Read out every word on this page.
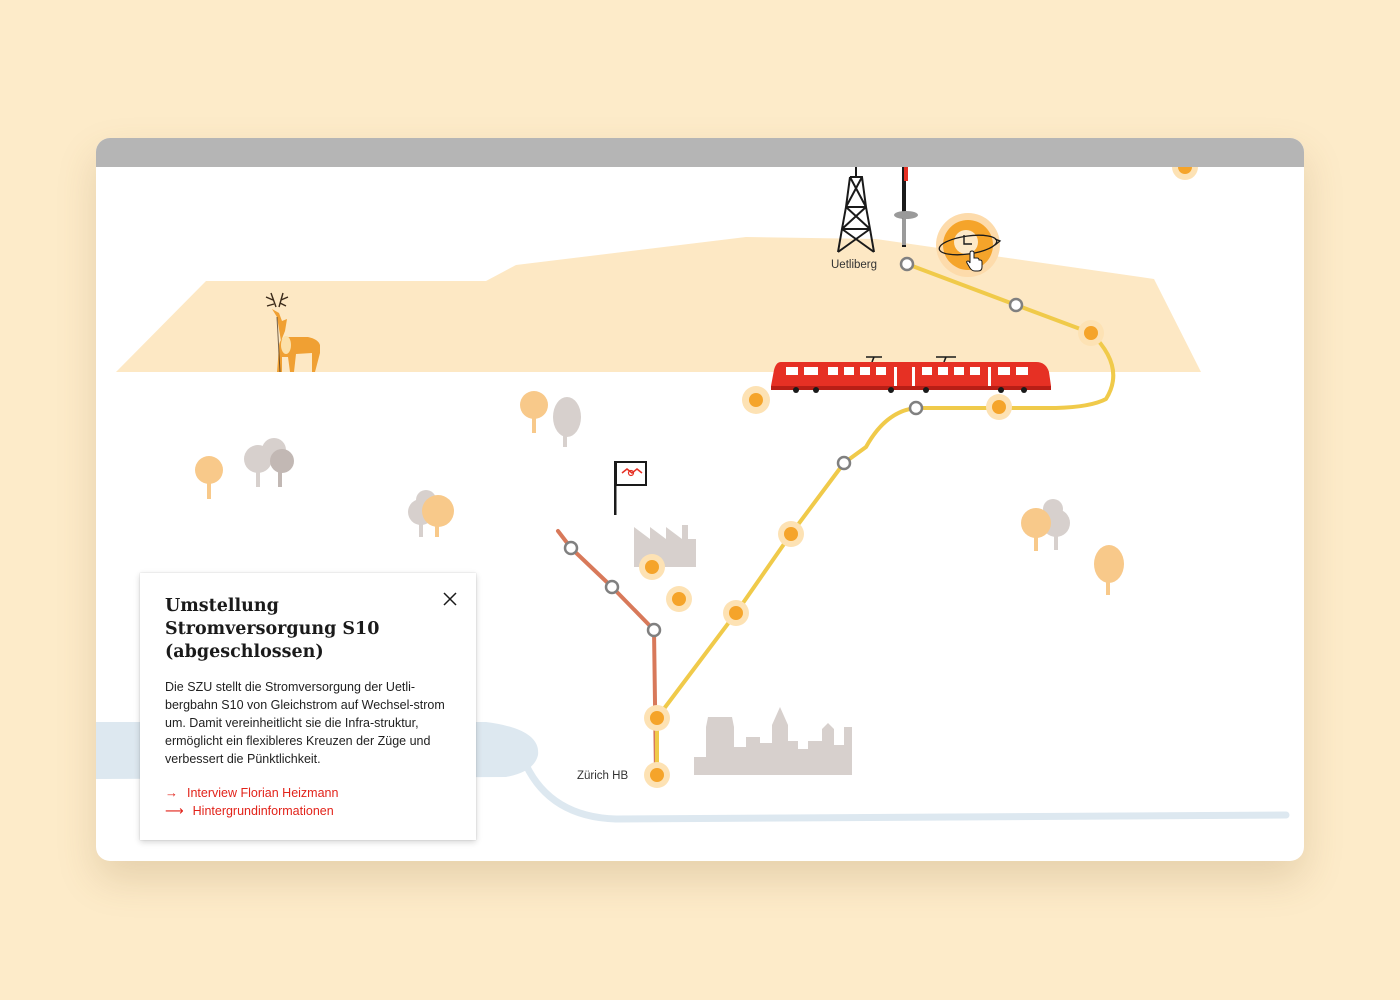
Uetliberg
Zürich HB
Umstellung Stromversorgung S10 (abgeschlossen)

Die SZU stellt die Stromversorgung der Uetli-bergbahn S10 von Gleichstrom auf Wechsel-strom um. Damit vereinheitlicht sie die Infra-struktur, ermöglicht ein flexibleres Kreuzen der Züge und verbessert die Pünktlichkeit.

→ Interview Florian Heizmann
⟶ Hintergrundinformationen
